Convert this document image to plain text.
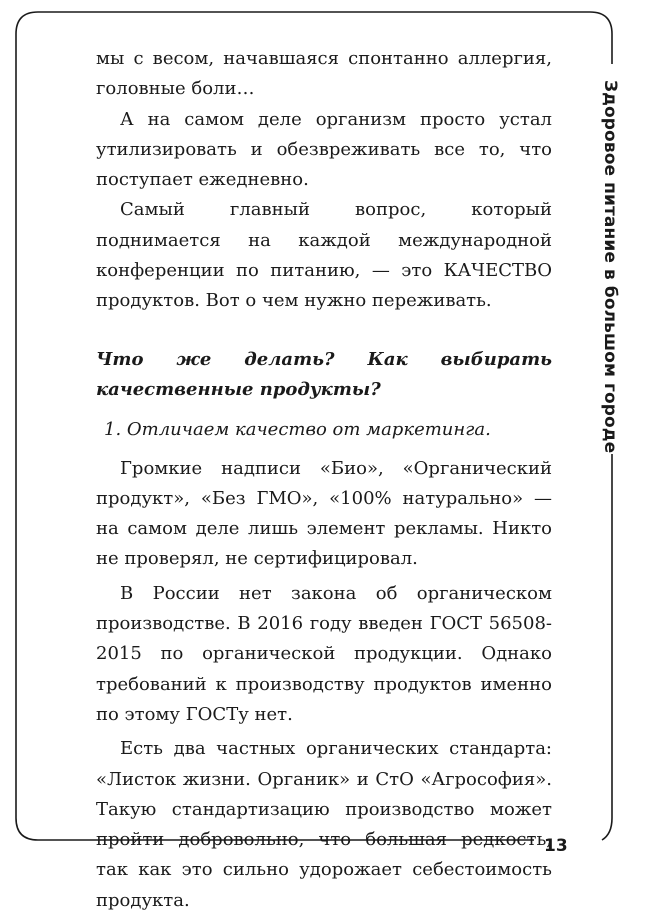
Здоровое питание в большом городе

мы с весом, начавшаяся спонтанно аллергия, головные боли…

А на самом деле организм просто устал утилизировать и обезвреживать все то, что поступает ежедневно.

Самый главный вопрос, который поднимается на каждой международной конференции по питанию, — это КАЧЕСТВО продуктов. Вот о чем нужно переживать.

Что же делать? Как выбирать качественные продукты?

1. Отличаем качество от маркетинга.

Громкие надписи «Био», «Органический продукт», «Без ГМО», «100% натурально» — на самом деле лишь элемент рекламы. Никто не проверял, не сертифицировал.

В России нет закона об органическом производстве. В 2016 году введен ГОСТ 56508-2015 по органической продукции. Однако требований к производству продуктов именно по этому ГОСТу нет.

Есть два частных органических стандарта: «Листок жизни. Органик» и СтО «Агрософия». Такую стандартизацию производство может пройти добровольно, что большая редкость, так как это сильно удорожает себестоимость продукта.

13
